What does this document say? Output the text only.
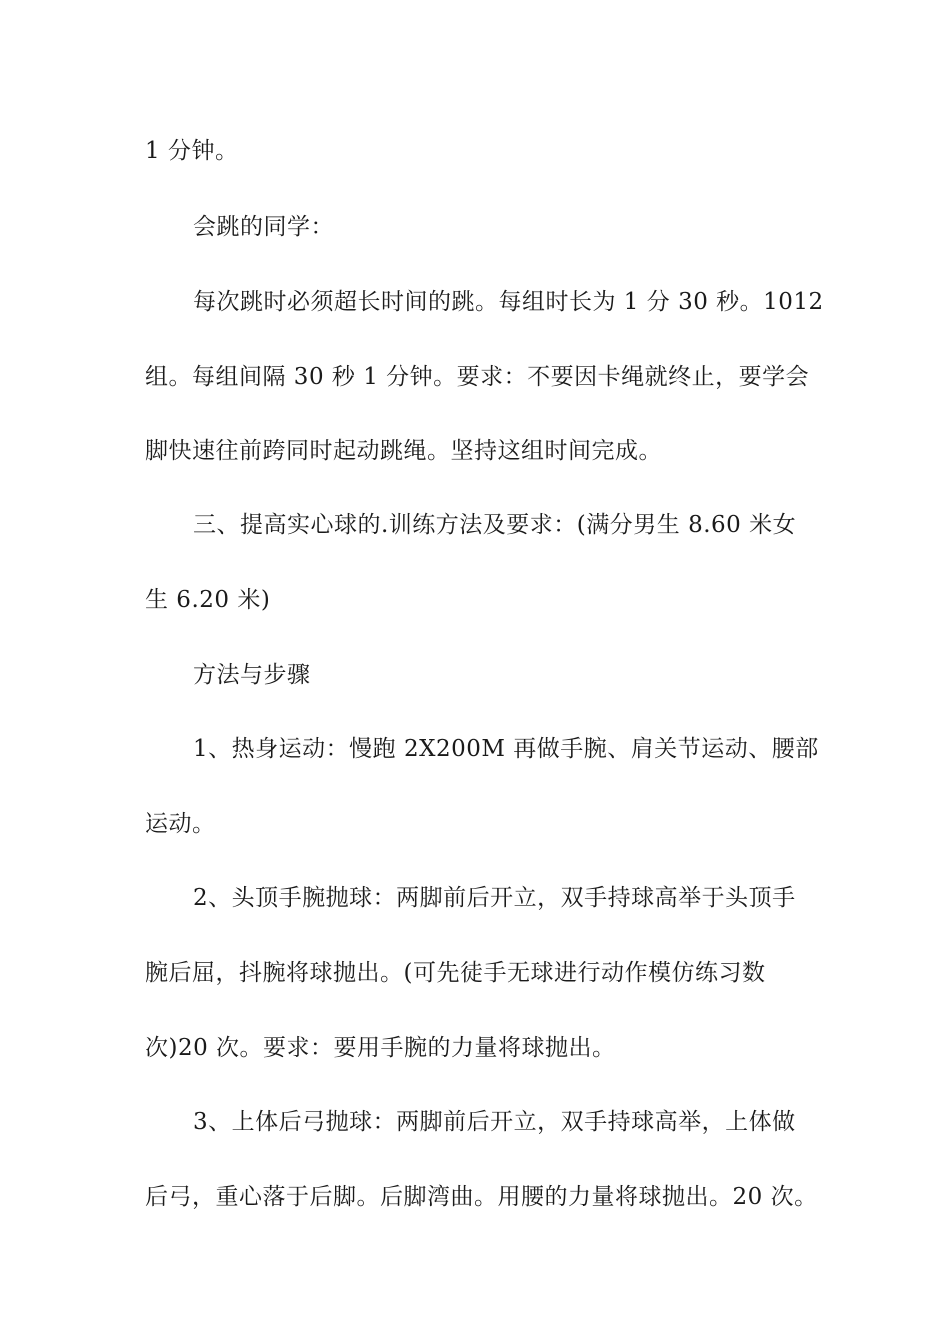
1 分钟。

会跳的同学：

每次跳时必须超长时间的跳。每组时长为 1 分 30 秒。1012

组。每组间隔 30 秒 1 分钟。要求：不要因卡绳就终止，要学会

脚快速往前跨同时起动跳绳。坚持这组时间完成。

三、提高实心球的.训练方法及要求：(满分男生 8.60 米女

生 6.20 米)

方法与步骤

1、热身运动：慢跑 2X200M 再做手腕、肩关节运动、腰部

运动。

2、头顶手腕抛球：两脚前后开立，双手持球高举于头顶手

腕后屈，抖腕将球抛出。(可先徒手无球进行动作模仿练习数

次)20 次。要求：要用手腕的力量将球抛出。

3、上体后弓抛球：两脚前后开立，双手持球高举，上体做

后弓，重心落于后脚。后脚湾曲。用腰的力量将球抛出。20 次。
